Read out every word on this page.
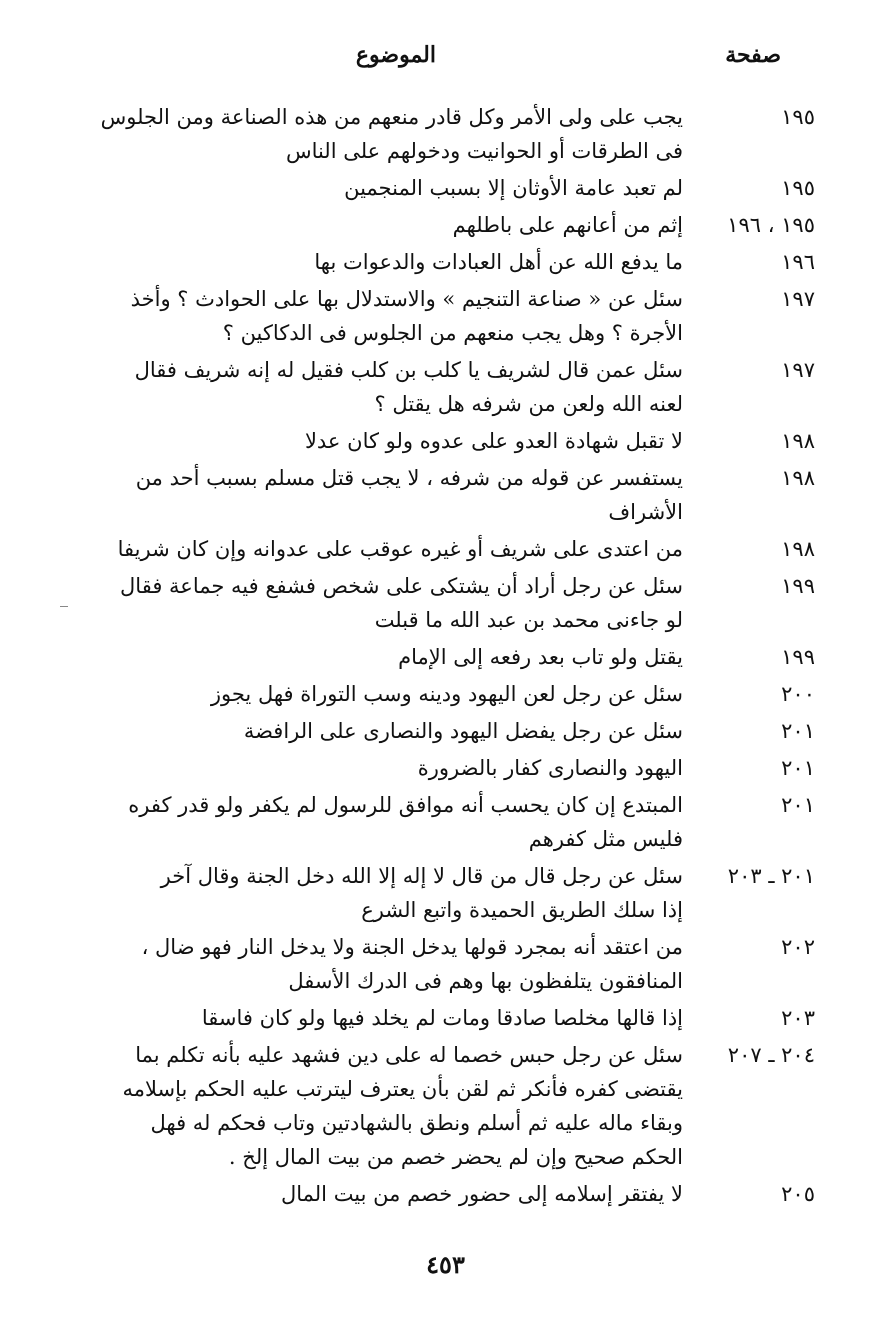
صفحة
الموضوع
١٩٥
يجب على ولى الأمر وكل قادر منعهم من هذه الصناعة ومن الجلوس
فى الطرقات أو الحوانيت ودخولهم على الناس
١٩٥
لم تعبد عامة الأوثان إلا بسبب المنجمين
١٩٥ ، ١٩٦
إثم من أعانهم على باطلهم
١٩٦
ما يدفع الله عن أهل العبادات والدعوات بها
١٩٧
سئل عن « صناعة التنجيم » والاستدلال بها على الحوادث ؟ وأخذ
الأجرة ؟ وهل يجب منعهم من الجلوس فى الدكاكين ؟
١٩٧
سئل عمن قال لشريف يا كلب بن كلب فقيل له إنه شريف فقال
لعنه الله ولعن من شرفه هل يقتل ؟
١٩٨
لا تقبل شهادة العدو على عدوه ولو كان عدلا
١٩٨
يستفسر عن قوله من شرفه ، لا يجب قتل مسلم بسبب أحد من
الأشراف
١٩٨
من اعتدى على شريف أو غيره عوقب على عدوانه وإن كان شريفا
١٩٩
سئل عن رجل أراد أن يشتكى على شخص فشفع فيه جماعة فقال
لو جاءنى محمد بن عبد الله ما قبلت
١٩٩
يقتل ولو تاب بعد رفعه إلى الإمام
٢٠٠
سئل عن رجل لعن اليهود ودينه وسب التوراة فهل يجوز
٢٠١
سئل عن رجل يفضل اليهود والنصارى على الرافضة
٢٠١
اليهود والنصارى كفار بالضرورة
٢٠١
المبتدع إن كان يحسب أنه موافق للرسول لم يكفر ولو قدر كفره
فليس مثل كفرهم
٢٠١ ـ ٢٠٣
سئل عن رجل قال من قال لا إله إلا الله دخل الجنة وقال آخر
إذا سلك الطريق الحميدة واتبع الشرع
٢٠٢
من اعتقد أنه بمجرد قولها يدخل الجنة ولا يدخل النار فهو ضال ،
المنافقون يتلفظون بها وهم فى الدرك الأسفل
٢٠٣
إذا قالها مخلصا صادقا ومات لم يخلد فيها ولو كان فاسقا
٢٠٤ ـ ٢٠٧
سئل عن رجل حبس خصما له على دين فشهد عليه بأنه تكلم بما
يقتضى كفره فأنكر ثم لقن بأن يعترف ليترتب عليه الحكم بإسلامه
وبقاء ماله عليه ثم أسلم ونطق بالشهادتين وتاب فحكم له فهل
الحكم صحيح وإن لم يحضر خصم من بيت المال إلخ .
٢٠٥
لا يفتقر إسلامه إلى حضور خصم من بيت المال
٤٥٣
